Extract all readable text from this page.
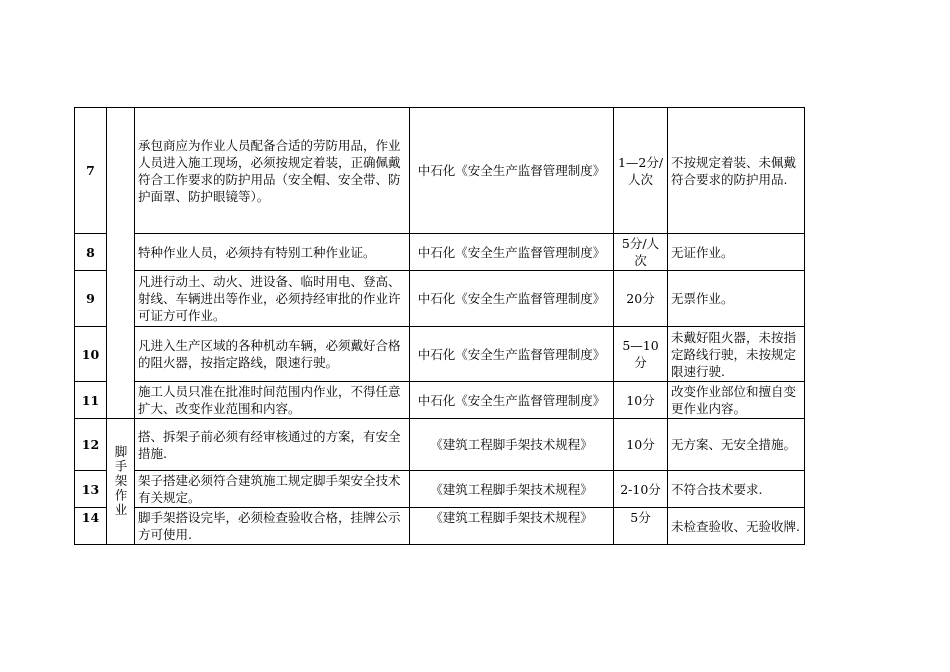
7		承包商应为作业人员配备合适的劳防用品，作业人员进入施工现场，必须按规定着装，正确佩戴符合工作要求的防护用品（安全帽、安全带、防护面罩、防护眼镜等）。	中石化《安全生产监督管理制度》	1—2分/人次	不按规定着装、未佩戴符合要求的防护用品.
8		特种作业人员，必须持有特别工种作业证。	中石化《安全生产监督管理制度》	5分/人次	无证作业。
9		凡进行动土、动火、进设备、临时用电、登高、射线、车辆进出等作业，必须持经审批的作业许可证方可作业。	中石化《安全生产监督管理制度》	20分	无票作业。
10		凡进入生产区域的各种机动车辆，必须戴好合格的阻火器，按指定路线，限速行驶。	中石化《安全生产监督管理制度》	5—10分	未戴好阻火器，未按指定路线行驶，未按规定限速行驶.
11		施工人员只准在批准时间范围内作业，不得任意扩大、改变作业范围和内容。	中石化《安全生产监督管理制度》	10分	改变作业部位和擅自变更作业内容。
12	脚手架作业	搭、拆架子前必须有经审核通过的方案，有安全措施.	《建筑工程脚手架技术规程》	10分	无方案、无安全措施。
13		架子搭建必须符合建筑施工规定脚手架安全技术有关规定。	《建筑工程脚手架技术规程》	2-10分	不符合技术要求.
14		脚手架搭设完毕，必须检查验收合格，挂牌公示方可使用.	《建筑工程脚手架技术规程》	5分	未检查验收、无验收牌.
